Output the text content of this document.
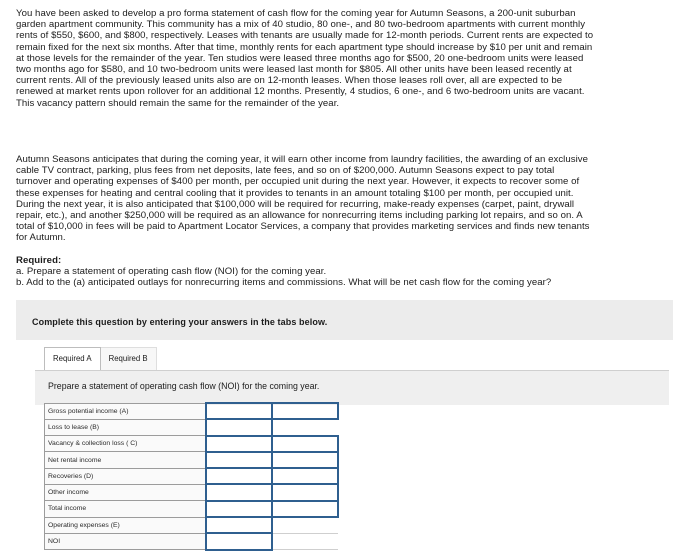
You have been asked to develop a pro forma statement of cash flow for the coming year for Autumn Seasons, a 200-unit suburban
garden apartment community. This community has a mix of 40 studio, 80 one-, and 80 two-bedroom apartments with current monthly
rents of $550, $600, and $800, respectively. Leases with tenants are usually made for 12-month periods. Current rents are expected to
remain fixed for the next six months. After that time, monthly rents for each apartment type should increase by $10 per unit and remain
at those levels for the remainder of the year. Ten studios were leased three months ago for $500, 20 one-bedroom units were leased
two months ago for $580, and 10 two-bedroom units were leased last month for $805. All other units have been leased recently at
current rents. All of the previously leased units also are on 12-month leases. When those leases roll over, all are expected to be
renewed at market rents upon rollover for an additional 12 months. Presently, 4 studios, 6 one-, and 6 two-bedroom units are vacant.
This vacancy pattern should remain the same for the remainder of the year.
Autumn Seasons anticipates that during the coming year, it will earn other income from laundry facilities, the awarding of an exclusive
cable TV contract, parking, plus fees from net deposits, late fees, and so on of $200,000. Autumn Seasons expect to pay total
turnover and operating expenses of $400 per month, per occupied unit during the next year. However, it expects to recover some of
these expenses for heating and central cooling that it provides to tenants in an amount totaling $100 per month, per occupied unit.
During the next year, it is also anticipated that $100,000 will be required for recurring, make-ready expenses (carpet, paint, drywall
repair, etc.), and another $250,000 will be required as an allowance for nonrecurring items including parking lot repairs, and so on. A
total of $10,000 in fees will be paid to Apartment Locator Services, a company that provides marketing services and finds new tenants
for Autumn.
Required:
a. Prepare a statement of operating cash flow (NOI) for the coming year.
b. Add to the (a) anticipated outlays for nonrecurring items and commissions. What will be net cash flow for the coming year?
Complete this question by entering your answers in the tabs below.
Required A	Required B
Prepare a statement of operating cash flow (NOI) for the coming year.
Gross potential income (A)		
Loss to lease (B)		
Vacancy & collection loss ( C)		
Net rental income		
Recoveries (D)		
Other income		
Total income		
Operating expenses (E)		
NOI		
